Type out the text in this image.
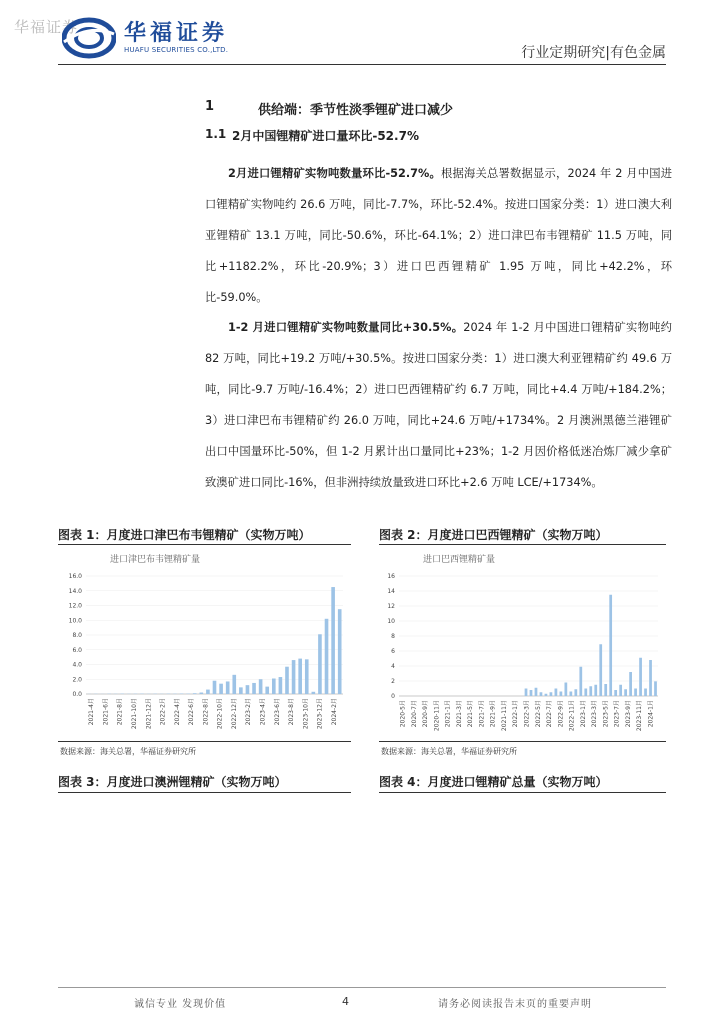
华福证券 华福证券
HUAFU SECURITIES CO.,LTD.	行业定期研究|有色金属
1	供给端：季节性淡季锂矿进口减少
1.1 2月中国锂精矿进口量环比-52.7%
2月进口锂精矿实物吨数量环比-52.7%。根据海关总署数据显示，2024 年 2 月中国进口锂精矿实物吨约 26.6 万吨，同比-7.7%，环比-52.4%。按进口国家分类：1）进口澳大利亚锂精矿 13.1 万吨，同比-50.6%，环比-64.1%；2）进口津巴布韦锂精矿 11.5 万吨，同比+1182.2%，环比-20.9%；3）进口巴西锂精矿 1.95 万吨，同比+42.2%，环比-59.0%。
1-2 月进口锂精矿实物吨数量同比+30.5%。2024 年 1-2 月中国进口锂精矿实物吨约 82 万吨，同比+19.2 万吨/+30.5%。按进口国家分类：1）进口澳大利亚锂精矿约 49.6 万吨，同比-9.7 万吨/-16.4%；2）进口巴西锂精矿约 6.7 万吨，同比+4.4 万吨/+184.2%；3）进口津巴布韦锂精矿约 26.0 万吨，同比+24.6 万吨/+1734%。2 月澳洲黑德兰港锂矿出口中国量环比-50%，但 1-2 月累计出口量同比+23%；1-2 月因价格低迷冶炼厂减少拿矿致澳矿进口同比-16%，但非洲持续放量致进口环比+2.6 万吨 LCE/+1734%。
图表 1：月度进口津巴布韦锂精矿（实物万吨）
进口津巴布韦锂精矿量
0.0
2.0
4.0
6.0
8.0
10.0
12.0
14.0
16.0
2021-4月 2021-6月 2021-8月 2021-10月 2021-12月 2022-2月 2022-4月 2022-6月 2022-8月 2022-10月 2022-12月 2023-2月 2023-4月 2023-6月 2023-8月 2023-10月 2023-12月 2024-2月
数据来源：海关总署，华福证券研究所
图表 2：月度进口巴西锂精矿（实物万吨）
进口巴西锂精矿量
0
2
4
6
8
10
12
14
16
2020-5月 2020-7月 2020-9月 2020-11月 2021-1月 2021-3月 2021-5月 2021-7月 2021-9月 2021-11月 2022-1月 2022-3月 2022-5月 2022-7月 2022-9月 2022-11月 2023-1月 2023-3月 2023-5月 2023-7月 2023-9月 2023-11月 2024-1月
数据来源：海关总署，华福证券研究所
图表 3：月度进口澳洲锂精矿（实物万吨）	图表 4：月度进口锂精矿总量（实物万吨）
诚信专业 发现价值	4	请务必阅读报告末页的重要声明
